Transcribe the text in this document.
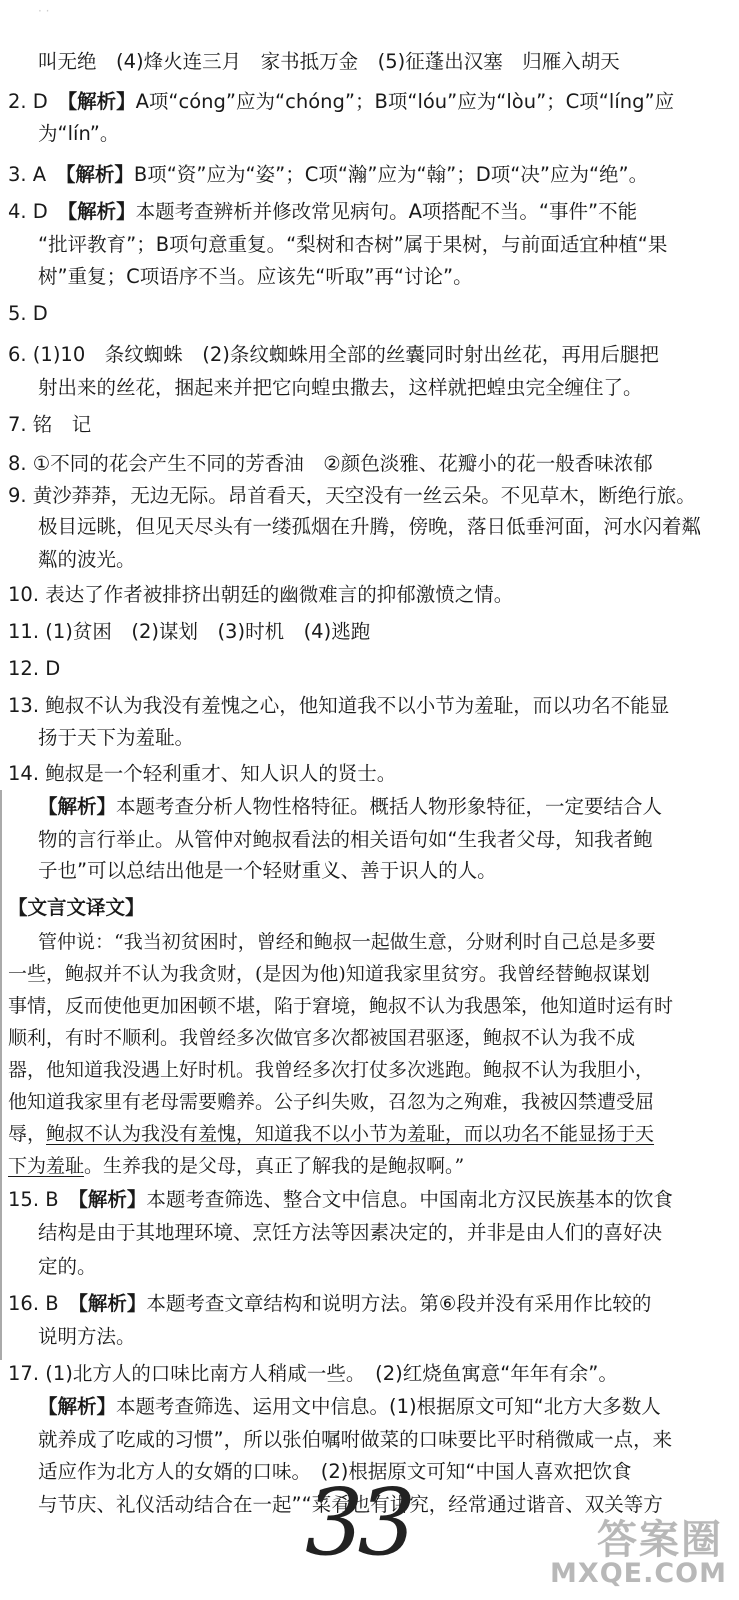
· ·
叫无绝　(4)烽火连三月　家书抵万金　(5)征蓬出汉塞　归雁入胡天
2. D　【解析】A项“cóng”应为“chóng”；B项“lóu”应为“lòu”；C项“líng”应
为“lín”。
3. A　【解析】B项“资”应为“姿”；C项“瀚”应为“翰”；D项“决”应为“绝”。
4. D　【解析】本题考查辨析并修改常见病句。A项搭配不当。“事件”不能
“批评教育”；B项句意重复。“梨树和杏树”属于果树，与前面适宜种植“果
树”重复；C项语序不当。应该先“听取”再“讨论”。
5. D
6. (1)10　条纹蜘蛛　(2)条纹蜘蛛用全部的丝囊同时射出丝花，再用后腿把
射出来的丝花，捆起来并把它向蝗虫撒去，这样就把蝗虫完全缠住了。
7. 铭　记
8. ①不同的花会产生不同的芳香油　②颜色淡雅、花瓣小的花一般香味浓郁
9. 黄沙莽莽，无边无际。昂首看天，天空没有一丝云朵。不见草木，断绝行旅。
极目远眺，但见天尽头有一缕孤烟在升腾，傍晚，落日低垂河面，河水闪着粼
粼的波光。
10. 表达了作者被排挤出朝廷的幽微难言的抑郁激愤之情。
11. (1)贫困　(2)谋划　(3)时机　(4)逃跑
12. D
13. 鲍叔不认为我没有羞愧之心，他知道我不以小节为羞耻，而以功名不能显
扬于天下为羞耻。
14. 鲍叔是一个轻利重才、知人识人的贤士。
【解析】本题考查分析人物性格特征。概括人物形象特征，一定要结合人
物的言行举止。从管仲对鲍叔看法的相关语句如“生我者父母，知我者鲍
子也”可以总结出他是一个轻财重义、善于识人的人。
【文言文译文】
管仲说：“我当初贫困时，曾经和鲍叔一起做生意，分财利时自己总是多要
一些，鲍叔并不认为我贪财，(是因为他)知道我家里贫穷。我曾经替鲍叔谋划
事情，反而使他更加困顿不堪，陷于窘境，鲍叔不认为我愚笨，他知道时运有时
顺利，有时不顺利。我曾经多次做官多次都被国君驱逐，鲍叔不认为我不成
器，他知道我没遇上好时机。我曾经多次打仗多次逃跑。鲍叔不认为我胆小，
他知道我家里有老母需要赡养。公子纠失败，召忽为之殉难，我被囚禁遭受屈
辱，鲍叔不认为我没有羞愧，知道我不以小节为羞耻，而以功名不能显扬于天
下为羞耻。生养我的是父母，真正了解我的是鲍叔啊。”
15. B　【解析】本题考查筛选、整合文中信息。中国南北方汉民族基本的饮食
结构是由于其地理环境、烹饪方法等因素决定的，并非是由人们的喜好决
定的。
16. B　【解析】本题考查文章结构和说明方法。第⑥段并没有采用作比较的
说明方法。
17. (1)北方人的口味比南方人稍咸一些。　(2)红烧鱼寓意“年年有余”。
【解析】本题考查筛选、运用文中信息。(1)根据原文可知“北方大多数人
就养成了吃咸的习惯”，所以张伯嘱咐做菜的口味要比平时稍微咸一点，来
适应作为北方人的女婿的口味。　(2)根据原文可知“中国人喜欢把饮食
与节庆、礼仪活动结合在一起”“菜肴也有讲究，经常通过谐音、双关等方
33	答案圈
MXQE.COM
